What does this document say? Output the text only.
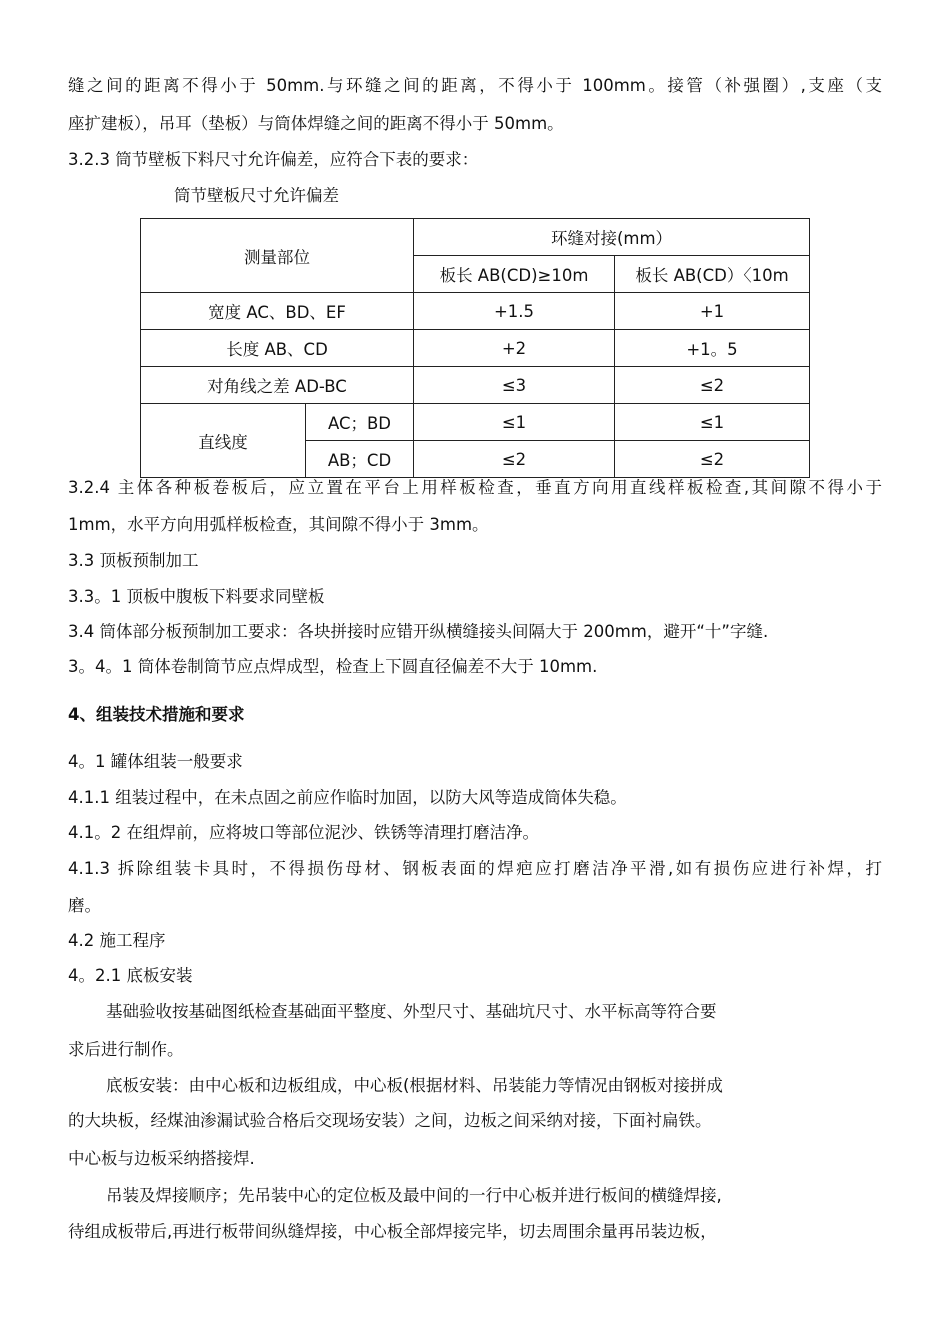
缝之间的距离不得小于 50mm.与环缝之间的距离，不得小于 100mm。接管（补强圈）,支座（支
座扩建板），吊耳（垫板）与筒体焊缝之间的距离不得小于 50mm。
3.2.3 筒节壁板下料尺寸允许偏差，应符合下表的要求：
筒节壁板尺寸允许偏差
测量部位		环缝对接(mm）	
		板长 AB(CD)≥10m	板长 AB(CD）〈10m
宽度 AC、BD、EF		+1.5	+1
长度 AB、CD		+2	+1。5
对角线之差 AD-BC		≤3	≤2
直线度	AC；BD	≤1	≤1
	AB；CD	≤2	≤2
3.2.4 主体各种板卷板后，应立置在平台上用样板检查，垂直方向用直线样板检查,其间隙不得小于
1mm，水平方向用弧样板检查，其间隙不得小于 3mm。
3.3 顶板预制加工
3.3。1 顶板中腹板下料要求同壁板
3.4 筒体部分板预制加工要求：各块拼接时应错开纵横缝接头间隔大于 200mm，避开“十”字缝.
3。4。1 筒体卷制筒节应点焊成型，检查上下圆直径偏差不大于 10mm.
4、组装技术措施和要求
4。1 罐体组装一般要求
4.1.1 组装过程中，在未点固之前应作临时加固，以防大风等造成筒体失稳。
4.1。2 在组焊前，应将坡口等部位泥沙、铁锈等清理打磨洁净。
4.1.3 拆除组装卡具时，不得损伤母材、钢板表面的焊疤应打磨洁净平滑,如有损伤应进行补焊，打
磨。
4.2 施工程序
4。2.1 底板安装
基础验收按基础图纸检查基础面平整度、外型尺寸、基础坑尺寸、水平标高等符合要
求后进行制作。
底板安装：由中心板和边板组成，中心板(根据材料、吊装能力等情况由钢板对接拼成
的大块板，经煤油渗漏试验合格后交现场安装）之间，边板之间采纳对接，下面衬扁铁。
中心板与边板采纳搭接焊.
吊装及焊接顺序；先吊装中心的定位板及最中间的一行中心板并进行板间的横缝焊接,
待组成板带后,再进行板带间纵缝焊接，中心板全部焊接完毕，切去周围余量再吊装边板，
